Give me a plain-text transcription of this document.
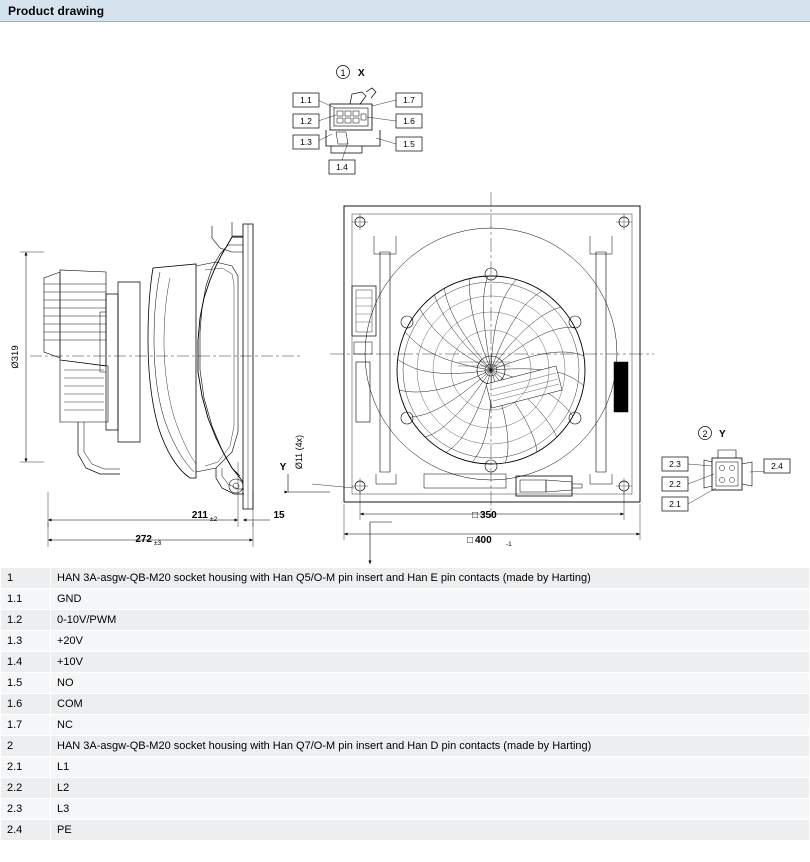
Product drawing
1 X
1.1
1.2
1.3
1.4
1.5
1.6
1.7
2 Y
2.3
2.2
2.1
2.4
Ø319
211 ±2	15
272 ±3
Ø11 (4x)
Y
□ 350
□ 400 -1
1	HAN 3A-asgw-QB-M20 socket housing with Han Q5/O-M pin insert and Han E pin contacts (made by Harting)
1.1	GND
1.2	0-10V/PWM
1.3	+20V
1.4	+10V
1.5	NO
1.6	COM
1.7	NC
2	HAN 3A-asgw-QB-M20 socket housing with Han Q7/O-M pin insert and Han D pin contacts (made by Harting)
2.1	L1
2.2	L2
2.3	L3
2.4	PE
